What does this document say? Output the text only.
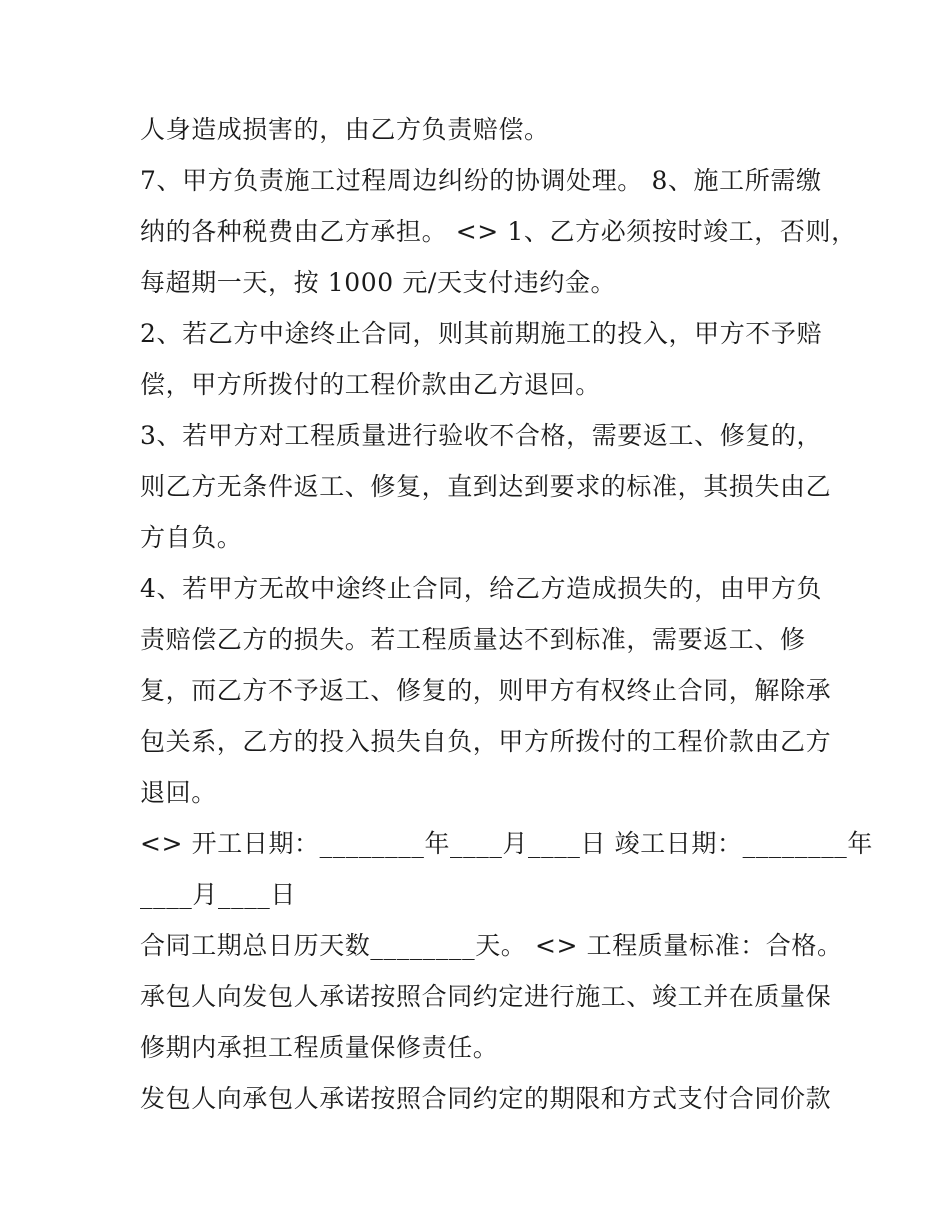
人身造成损害的，由乙方负责赔偿。
7、甲方负责施工过程周边纠纷的协调处理。 8、施工所需缴
纳的各种税费由乙方承担。 <> 1、乙方必须按时竣工，否则，
每超期一天，按 1000 元/天支付违约金。
2、若乙方中途终止合同，则其前期施工的投入，甲方不予赔
偿，甲方所拨付的工程价款由乙方退回。
3、若甲方对工程质量进行验收不合格，需要返工、修复的，
则乙方无条件返工、修复，直到达到要求的标准，其损失由乙
方自负。
4、若甲方无故中途终止合同，给乙方造成损失的，由甲方负
责赔偿乙方的损失。若工程质量达不到标准，需要返工、修
复，而乙方不予返工、修复的，则甲方有权终止合同，解除承
包关系，乙方的投入损失自负，甲方所拨付的工程价款由乙方
退回。
<> 开工日期：________年____月____日 竣工日期：________年
____月____日
合同工期总日历天数________天。 <> 工程质量标准：合格。
承包人向发包人承诺按照合同约定进行施工、竣工并在质量保
修期内承担工程质量保修责任。
发包人向承包人承诺按照合同约定的期限和方式支付合同价款
